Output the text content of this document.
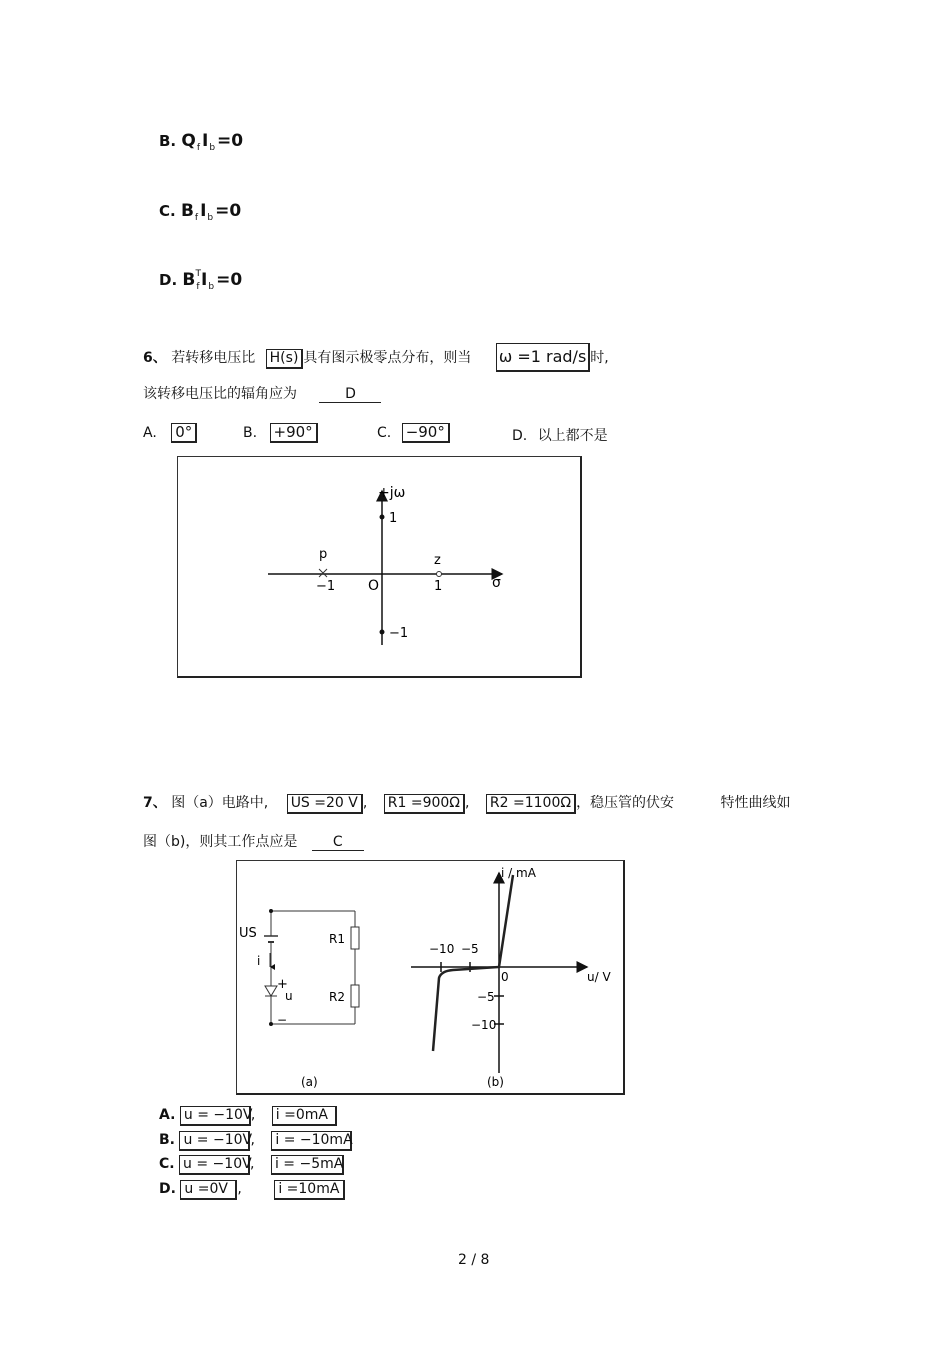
B. $Q_f$ $I_b =0$
C. $B_f$ $I_b =0$
D. $B_f^TI_b =0$
6、 若转移电压比 H(s) 具有图示极零点分布，则当 ω =1 rad/s 时,
该转移电压比的辐角应为	D
A. 0°	B. +90°	C. −90°	D. 以上都不是
+jω
σ
O
1
−1
−1	1
p	z
7、 图（a）电路中, US =20 V , R1 =900Ω , R2 =1100Ω ，稳压管的伏安	特性曲线如
图（b)，则其工作点应是	C
US	R1
R2
i
+
u
−
(a)
i / mA
u/ V
0
−10 −5
−5
−10
(b)
A. u = −10V, i =0mA
B. u = −10V, i = −10mA
C. u = −10V, i = −5mA
D. u =0V , i =10mA
2 / 8
